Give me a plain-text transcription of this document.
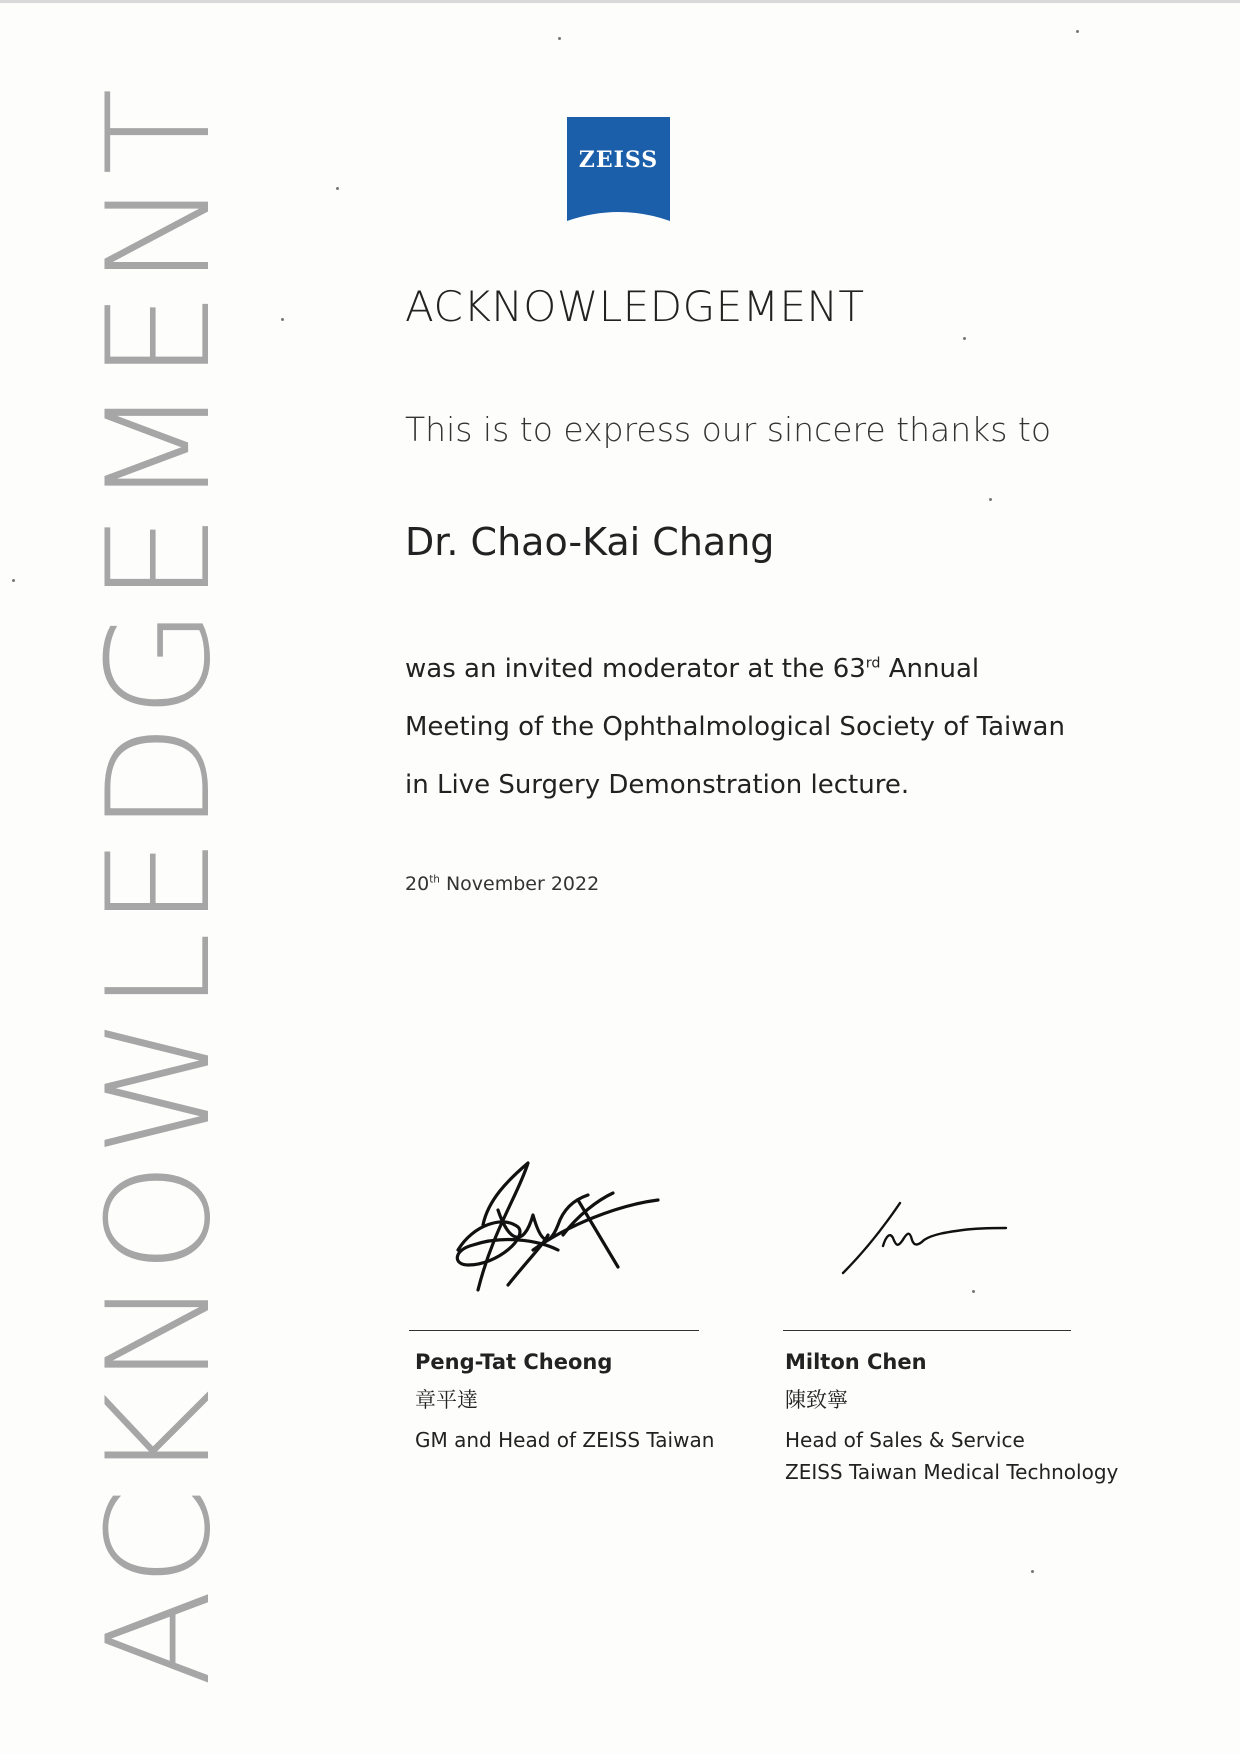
ACKNOWLEDGEMENT	ZEISS
ACKNOWLEDGEMENT
This is to express our sincere thanks to
Dr. Chao-Kai Chang
was an invited moderator at the 63rd Annual Meeting of the Ophthalmological Society of Taiwan in Live Surgery Demonstration lecture.
20th November 2022
Peng-Tat Cheong
章平達
GM and Head of ZEISS Taiwan
Milton Chen
陳致寧
Head of Sales & Service
ZEISS Taiwan Medical Technology
